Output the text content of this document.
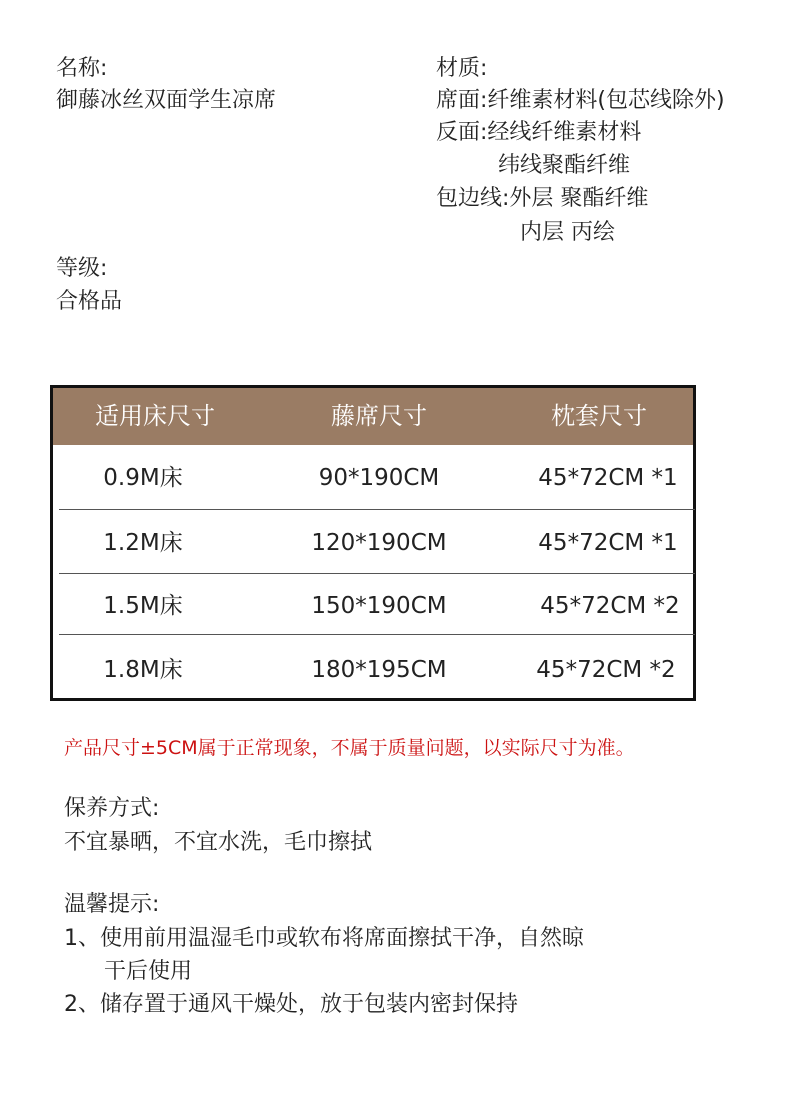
名称:
御藤冰丝双面学生凉席
等级:
合格品
材质:
席面:纤维素材料(包芯线除外)
反面:经线纤维素材料
纬线聚酯纤维
包边线:外层 聚酯纤维
内层 丙绘
适用床尺寸	藤席尺寸	枕套尺寸
0.9M床	90*190CM	45*72CM *1
1.2M床	120*190CM	45*72CM *1
1.5M床	150*190CM	45*72CM *2
1.8M床	180*195CM	45*72CM *2
产品尺寸±5CM属于正常现象，不属于质量问题，以实际尺寸为准。
保养方式:
不宜暴晒，不宜水洗，毛巾擦拭
温馨提示:
1、使用前用温湿毛巾或软布将席面擦拭干净，自然晾
干后使用
2、储存置于通风干燥处，放于包装内密封保持
